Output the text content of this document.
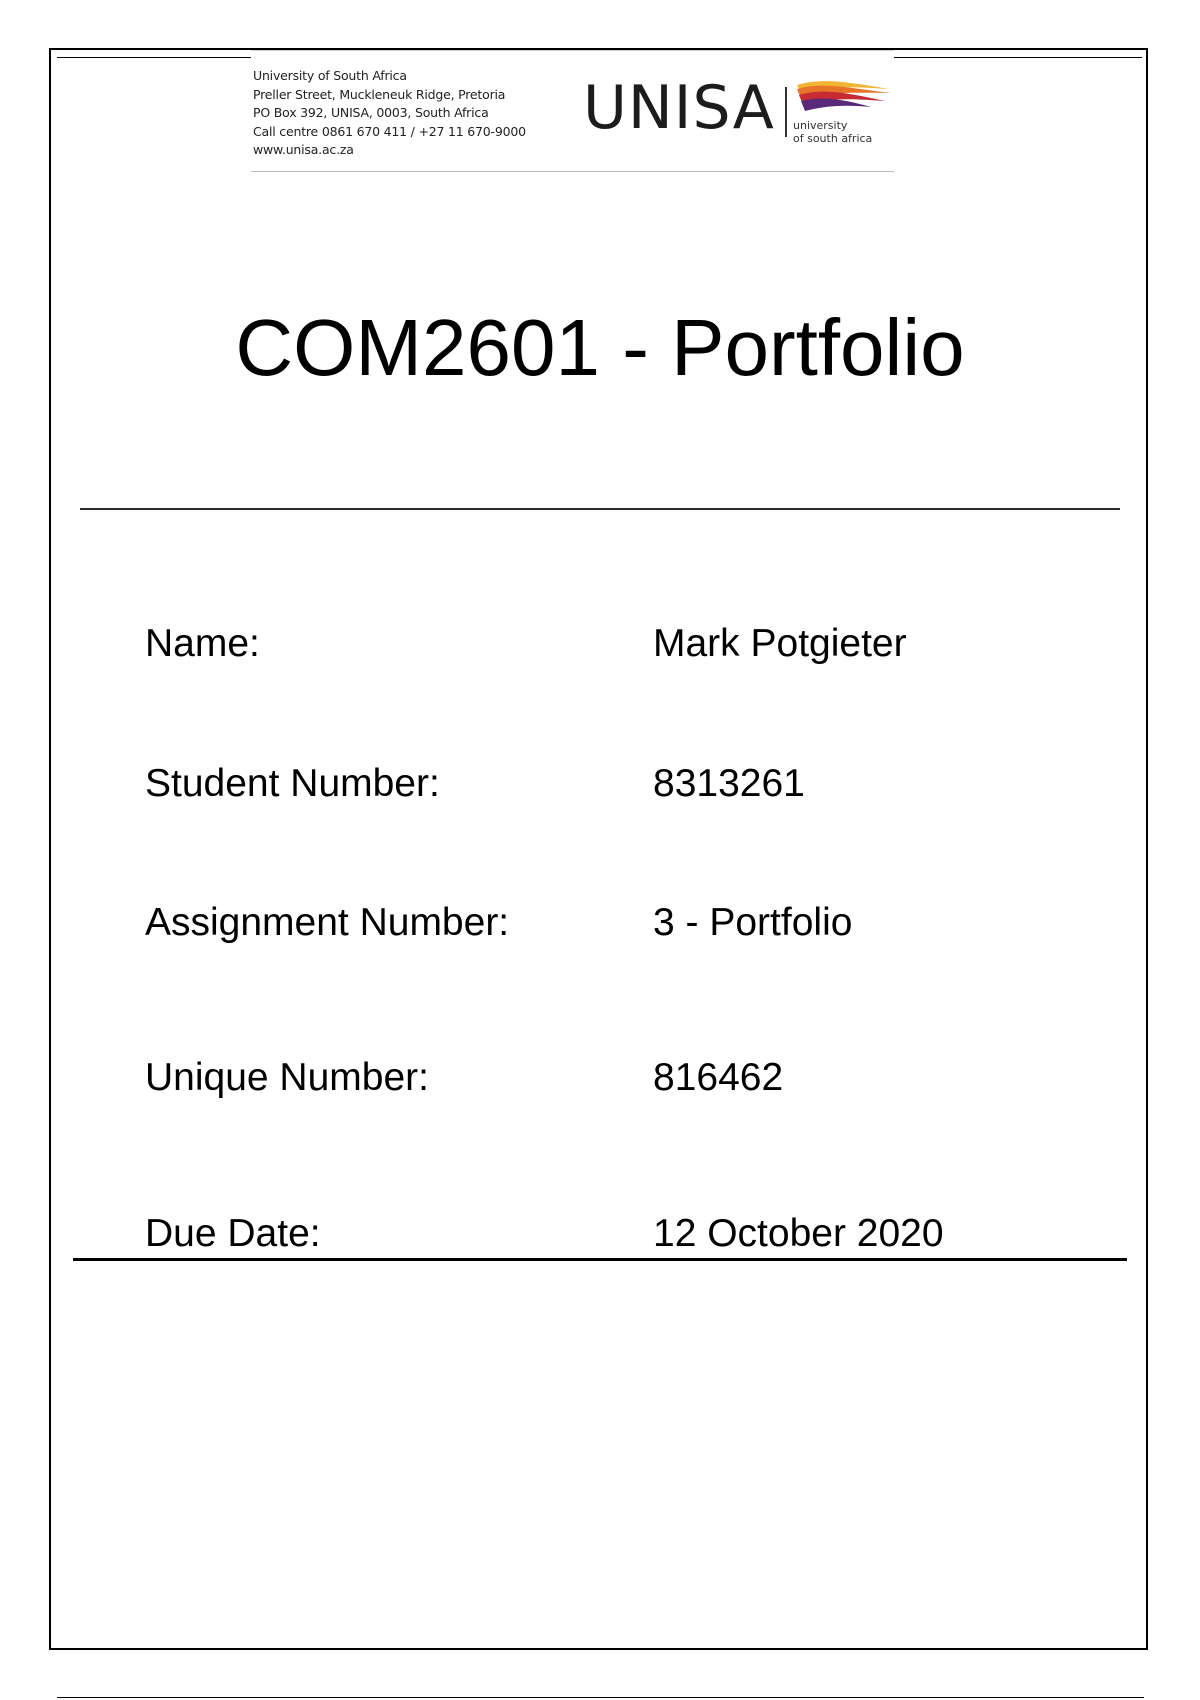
University of South Africa
Preller Street, Muckleneuk Ridge, Pretoria
PO Box 392, UNISA, 0003, South Africa
Call centre 0861 670 411 / +27 11 670-9000
www.unisa.ac.za
UNISA university
of south africa
COM2601 - Portfolio
Name:	Mark Potgieter
Student Number:	8313261
Assignment Number:	3 - Portfolio
Unique Number:	816462
Due Date:	12 October 2020
